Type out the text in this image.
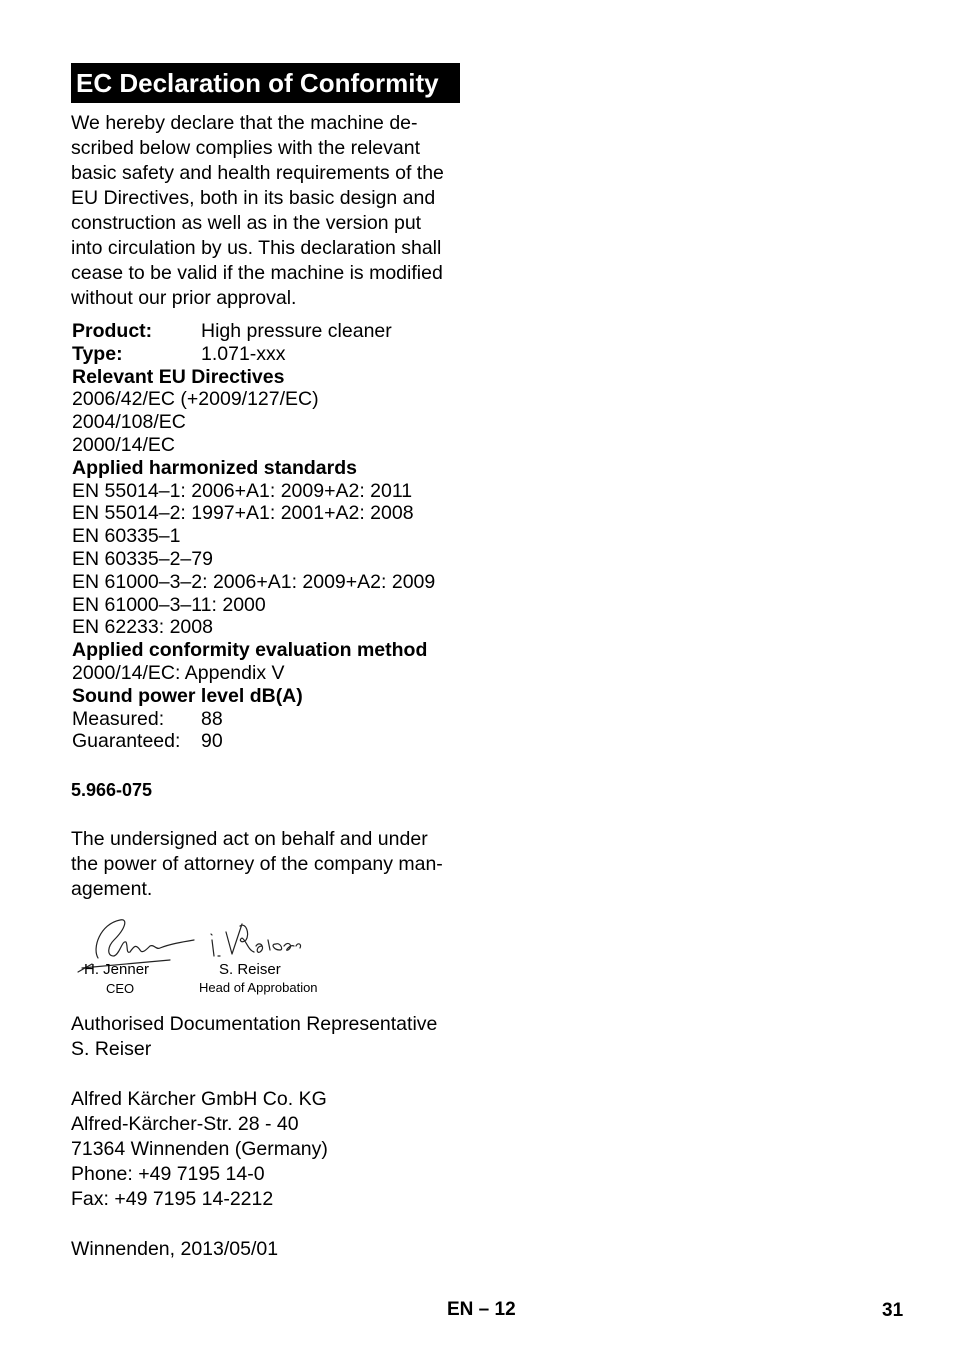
EC Declaration of Conformity
We hereby declare that the machine de-
scribed below complies with the relevant
basic safety and health requirements of the
EU Directives, both in its basic design and
construction as well as in the version put
into circulation by us. This declaration shall
cease to be valid if the machine is modified
without our prior approval.
Product:	High pressure cleaner
Type:	1.071-xxx
Relevant EU Directives
2006/42/EC (+2009/127/EC)
2004/108/EC
2000/14/EC
Applied harmonized standards
EN 55014–1: 2006+A1: 2009+A2: 2011
EN 55014–2: 1997+A1: 2001+A2: 2008
EN 60335–1
EN 60335–2–79
EN 61000–3–2: 2006+A1: 2009+A2: 2009
EN 61000–3–11: 2000
EN 62233: 2008
Applied conformity evaluation method
2000/14/EC: Appendix V
Sound power level dB(A)
Measured: 88
Guaranteed: 90
5.966-075
The undersigned act on behalf and under
the power of attorney of the company man-
agement.
H. Jenner
CEO
S. Reiser
Head of Approbation
Authorised Documentation Representative
S. Reiser
Alfred Kärcher GmbH Co. KG
Alfred-Kärcher-Str. 28 - 40
71364 Winnenden (Germany)
Phone: +49 7195 14-0
Fax: +49 7195 14-2212
Winnenden, 2013/05/01
EN – 12	31
